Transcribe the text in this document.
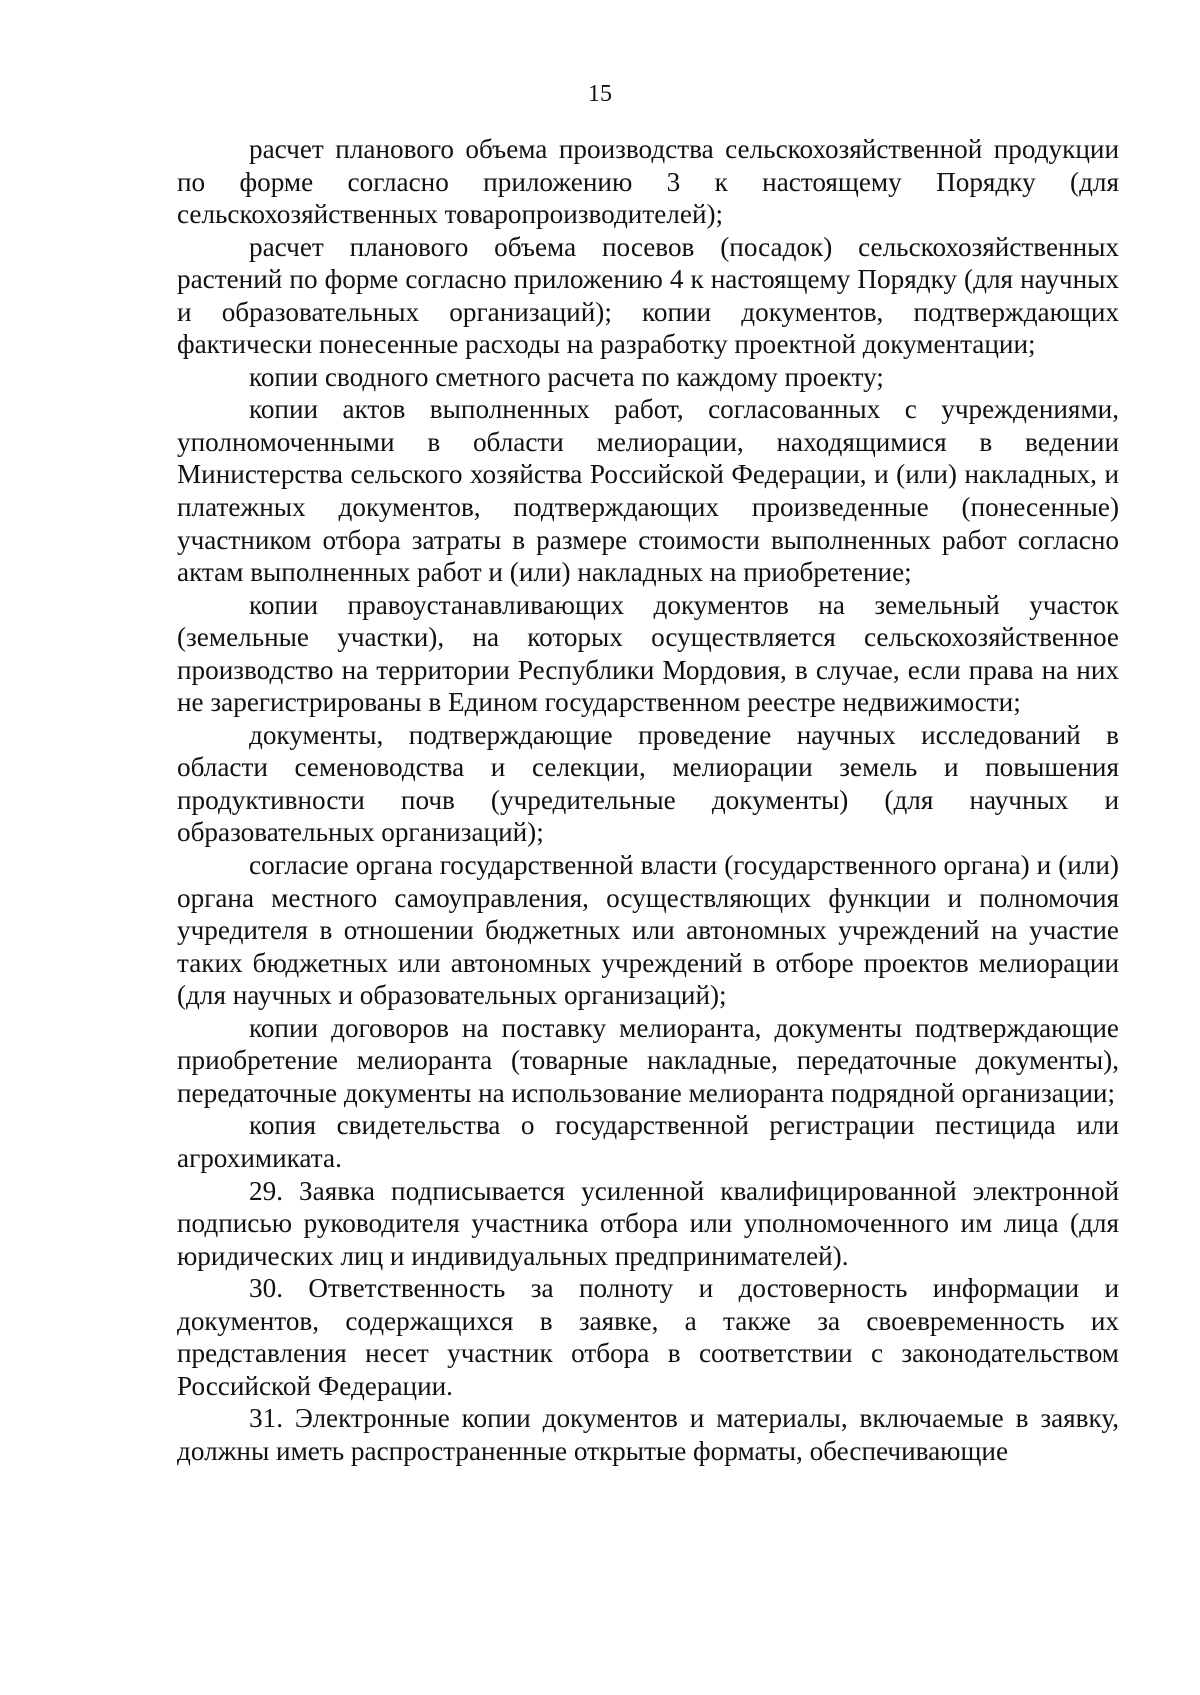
15

расчет планового объема производства сельскохозяйственной продукции по форме согласно приложению 3 к настоящему Порядку (для сельскохозяйственных товаропроизводителей);

расчет планового объема посевов (посадок) сельскохозяйственных растений по форме согласно приложению 4 к настоящему Порядку (для научных и образовательных организаций); копии документов, подтверждающих фактически понесенные расходы на разработку проектной документации;

копии сводного сметного расчета по каждому проекту;

копии актов выполненных работ, согласованных с учреждениями, уполномоченными в области мелиорации, находящимися в ведении Министерства сельского хозяйства Российской Федерации, и (или) накладных, и платежных документов, подтверждающих произведенные (понесенные) участником отбора затраты в размере стоимости выполненных работ согласно актам выполненных работ и (или) накладных на приобретение;

копии правоустанавливающих документов на земельный участок (земельные участки), на которых осуществляется сельскохозяйственное производство на территории Республики Мордовия, в случае, если права на них не зарегистрированы в Едином государственном реестре недвижимости;

документы, подтверждающие проведение научных исследований в области семеноводства и селекции, мелиорации земель и повышения продуктивности почв (учредительные документы) (для научных и образовательных организаций);

согласие органа государственной власти (государственного органа) и (или) органа местного самоуправления, осуществляющих функции и полномочия учредителя в отношении бюджетных или автономных учреждений на участие таких бюджетных или автономных учреждений в отборе проектов мелиорации (для научных и образовательных организаций);

копии договоров на поставку мелиоранта, документы подтверждающие приобретение мелиоранта (товарные накладные, передаточные документы), передаточные документы на использование мелиоранта подрядной организации;

копия свидетельства о государственной регистрации пестицида или агрохимиката.

29. Заявка подписывается усиленной квалифицированной электронной подписью руководителя участника отбора или уполномоченного им лица (для юридических лиц и индивидуальных предпринимателей).

30. Ответственность за полноту и достоверность информации и документов, содержащихся в заявке, а также за своевременность их представления несет участник отбора в соответствии с законодательством Российской Федерации.

31. Электронные копии документов и материалы, включаемые в заявку, должны иметь распространенные открытые форматы, обеспечивающие
